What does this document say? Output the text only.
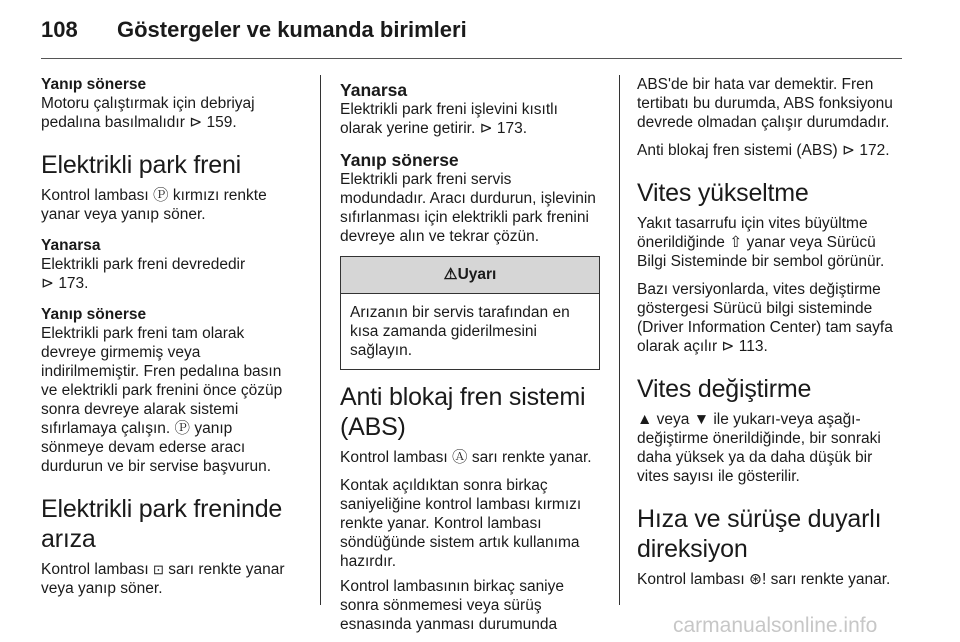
108 Göstergeler ve kumanda birimleri
Yanıp sönerse

Motoru çalıştırmak için debriyaj
pedalına basılmalıdır ⊳ 159.

Elektrikli park freni

Kontrol lambası Ⓟ kırmızı renkte
yanar veya yanıp söner.

Yanarsa

Elektrikli park freni devrededir
⊳ 173.

Yanıp sönerse

Elektrikli park freni tam olarak
devreye girmemiş veya
indirilmemiştir. Fren pedalına basın
ve elektrikli park frenini önce çözüp
sonra devreye alarak sistemi
sıfırlamaya çalışın. Ⓟ yanıp
sönmeye devam ederse aracı
durdurun ve bir servise başvurun.

Elektrikli park freninde
arıza

Kontrol lambası ⊡ sarı renkte yanar
veya yanıp söner.

Yanarsa

Elektrikli park freni işlevini kısıtlı
olarak yerine getirir. ⊳ 173.

Yanıp sönerse

Elektrikli park freni servis
modundadır. Aracı durdurun, işlevinin
sıfırlanması için elektrikli park frenini
devreye alın ve tekrar çözün.

⚠Uyarı
Arızanın bir servis tarafından en
kısa zamanda giderilmesini
sağlayın.
Anti blokaj fren sistemi
(ABS)

Kontrol lambası Ⓐ sarı renkte yanar.

Kontak açıldıktan sonra birkaç
saniyeliğine kontrol lambası kırmızı
renkte yanar. Kontrol lambası
söndüğünde sistem artık kullanıma
hazırdır.

Kontrol lambasının birkaç saniye
sonra sönmemesi veya sürüş
esnasında yanması durumunda

ABS'de bir hata var demektir. Fren
tertibatı bu durumda, ABS fonksiyonu
devrede olmadan çalışır durumdadır.

Anti blokaj fren sistemi (ABS) ⊳ 172.

Vites yükseltme

Yakıt tasarrufu için vites büyültme
önerildiğinde ⇧ yanar veya Sürücü
Bilgi Sisteminde bir sembol görünür.

Bazı versiyonlarda, vites değiştirme
göstergesi Sürücü bilgi sisteminde
(Driver Information Center) tam sayfa
olarak açılır ⊳ 113.

Vites değiştirme

▲ veya ▼ ile yukarı-veya aşağı-
değiştirme önerildiğinde, bir sonraki
daha yüksek ya da daha düşük bir
vites sayısı ile gösterilir.

Hıza ve sürüşe duyarlı
direksiyon

Kontrol lambası ⊛! sarı renkte yanar.

carmanualsonline.info
